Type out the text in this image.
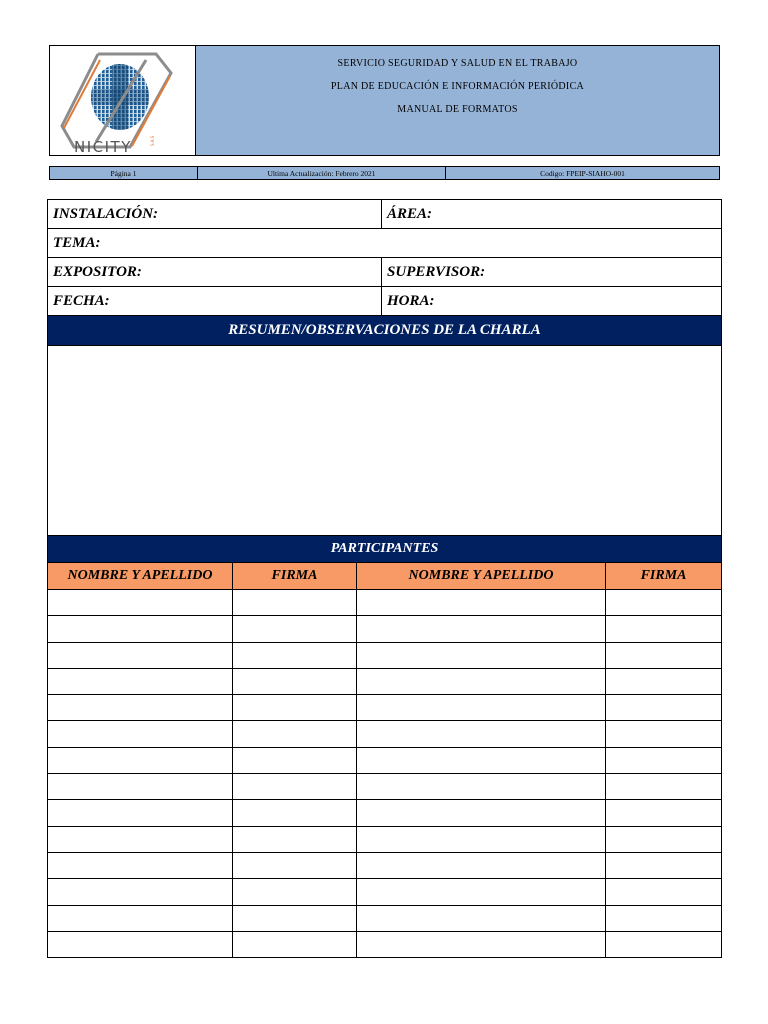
NICITY	S.A.S
SERVICIO SEGURIDAD Y SALUD EN EL TRABAJO
PLAN DE EDUCACIÓN E INFORMACIÓN PERIÓDICA
MANUAL DE FORMATOS
Página 1	Ultima Actualización: Febrero 2021	Codigo: FPEIP-SIAHO-001
INSTALACIÓN:			ÁREA:	
TEMA:				
EXPOSITOR:			SUPERVISOR:	
FECHA:			HORA:	
RESUMEN/OBSERVACIONES DE LA CHARLA				

PARTICIPANTES				
NOMBRE Y APELLIDO	FIRMA	NOMBRE Y APELLIDO		FIRMA
